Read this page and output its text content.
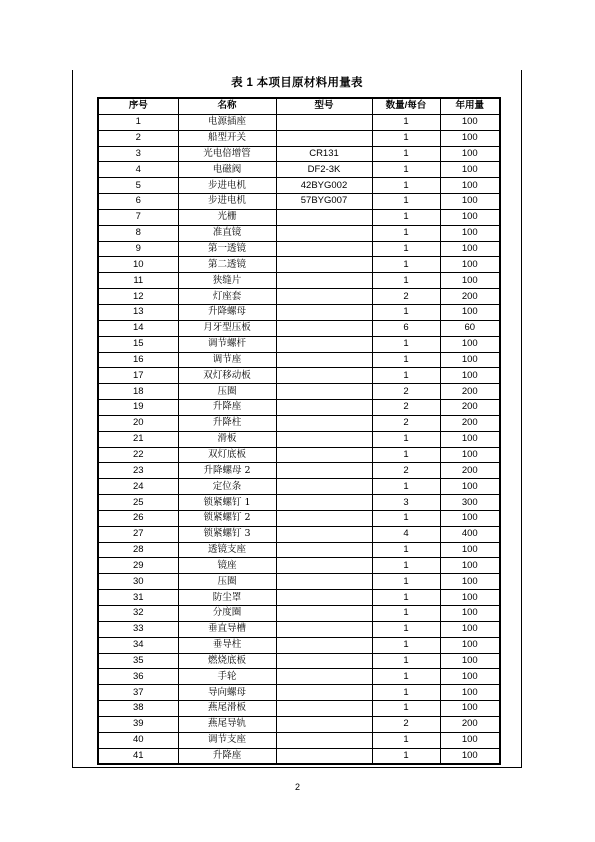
表 1 本项目原材料用量表
序号	名称	型号	数量/每台	年用量
1	电源插座		1	100
2	船型开关		1	100
3	光电倍增管	CR131	1	100
4	电磁阀	DF2-3K	1	100
5	步进电机	42BYG002	1	100
6	步进电机	57BYG007	1	100
7	光栅		1	100
8	准直镜		1	100
9	第一透镜		1	100
10	第二透镜		1	100
11	狭缝片		1	100
12	灯座套		2	200
13	升降螺母		1	100
14	月牙型压板		6	60
15	调节螺杆		1	100
16	调节座		1	100
17	双灯移动板		1	100
18	压圈		2	200
19	升降座		2	200
20	升降柱		2	200
21	滑板		1	100
22	双灯底板		1	100
23	升降螺母 2		2	200
24	定位条		1	100
25	锁紧螺钉 1		3	300
26	锁紧螺钉 2		1	100
27	锁紧螺钉 3		4	400
28	透镜支座		1	100
29	镜座		1	100
30	压圈		1	100
31	防尘罩		1	100
32	分度圈		1	100
33	垂直导槽		1	100
34	垂导柱		1	100
35	燃烧底板		1	100
36	手轮		1	100
37	导向螺母		1	100
38	燕尾滑板		1	100
39	燕尾导轨		2	200
40	调节支座		1	100
41	升降座		1	100
2
